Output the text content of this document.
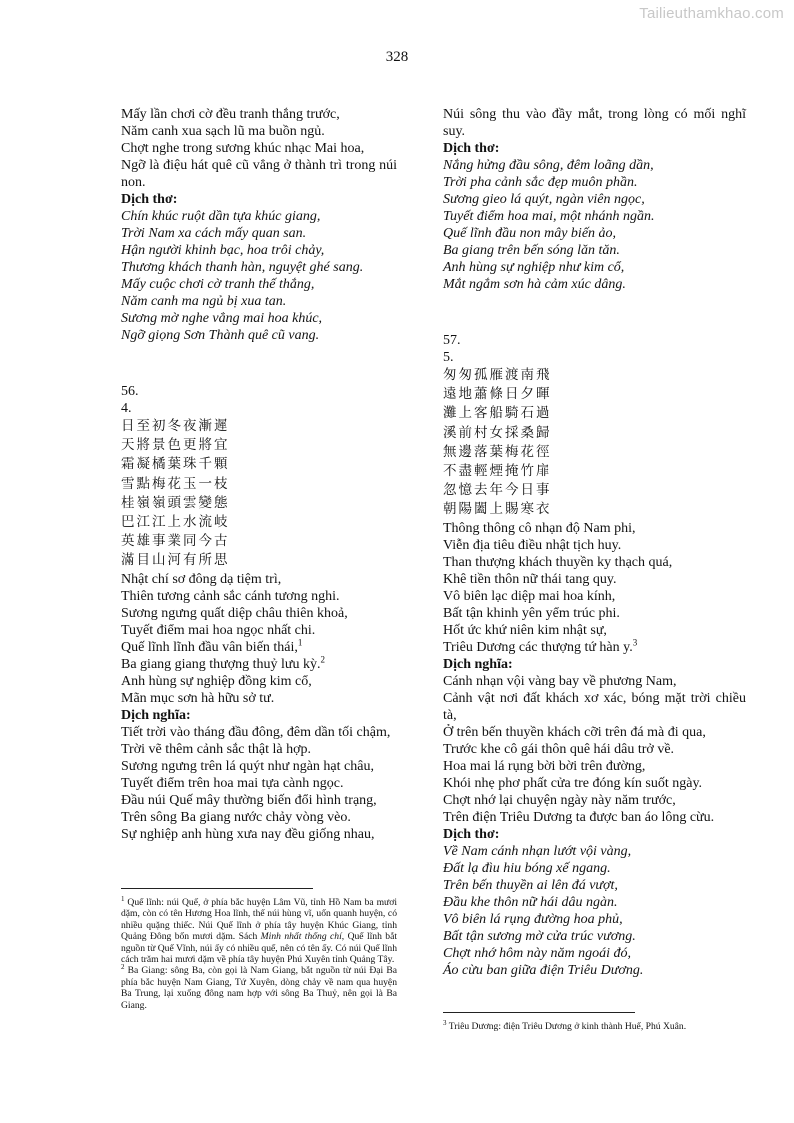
Tailieuthamkhao.com
328
Mấy lần chơi cờ đều tranh thắng trước,
Năm canh xua sạch lũ ma buồn ngủ.
Chợt nghe trong sương khúc nhạc Mai hoa,
Ngỡ là điệu hát quê cũ vẳng ở thành trì trong núi non.
Dịch thơ:
Chín khúc ruột dần tựa khúc giang,
Trời Nam xa cách mấy quan san.
Hận người khinh bạc, hoa trôi chảy,
Thương khách thanh hàn, nguyệt ghé sang.
Mấy cuộc chơi cờ tranh thế thắng,
Năm canh ma ngủ bị xua tan.
Sương mờ nghe vẳng mai hoa khúc,
Ngỡ giọng Sơn Thành quê cũ vang.
56.
4.
日至初冬夜漸遲
天將景色更將宜
霜凝橘葉珠千顆
雪點梅花玉一枝
桂嶺嶺頭雲變態
巴江江上水流岐
英雄事業同今古
滿目山河有所思
Nhật chí sơ đông dạ tiệm trì,
Thiên tương cảnh sắc cánh tương nghi.
Sương ngưng quất diệp châu thiên khoả,
Tuyết điểm mai hoa ngọc nhất chi.
Quế lĩnh lĩnh đầu vân biến thái,$^1$
Ba giang giang thượng thuỷ lưu kỳ.$^2$
Anh hùng sự nghiệp đồng kim cổ,
Mãn mục sơn hà hữu sở tư.
Dịch nghĩa:
Tiết trời vào tháng đầu đông, đêm dần tối chậm,
Trời vẽ thêm cảnh sắc thật là hợp.
Sương ngưng trên lá quýt như ngàn hạt châu,
Tuyết điểm trên hoa mai tựa cành ngọc.
Đầu núi Quế mây thường biến đổi hình trạng,
Trên sông Ba giang nước chảy vòng vèo.
Sự nghiệp anh hùng xưa nay đều giống nhau,

$^1$ Quế lĩnh: núi Quế, ở phía bắc huyện Lâm Vũ, tỉnh Hồ Nam ba mươi dặm, còn có tên Hương Hoa lĩnh, thế núi hùng vĩ, uốn quanh huyện, có nhiều quặng thiếc. Núi Quế lĩnh ở phía tây huyện Khúc Giang, tỉnh Quảng Đông bốn mươi dặm. Sách Minh nhất thống chí, Quế lĩnh bắt nguồn từ Quế Vĩnh, núi ấy có nhiều quế, nên có tên ấy. Có núi Quế lĩnh cách trăm hai mươi dặm về phía tây huyện Phú Xuyên tỉnh Quảng Tây.

$^2$ Ba Giang: sông Ba, còn gọi là Nam Giang, bắt nguồn từ núi Đại Ba phía bắc huyện Nam Giang, Tứ Xuyên, dòng chảy về nam qua huyện Ba Trung, lại xuống đông nam hợp với sông Ba Thuỷ, nên gọi là Ba Giang.

Núi sông thu vào đầy mắt, trong lòng có mối nghĩ suy.
Dịch thơ:
Nắng hửng đầu sông, đêm loãng dần,
Trời pha cảnh sắc đẹp muôn phần.
Sương gieo lá quýt, ngàn viên ngọc,
Tuyết điểm hoa mai, một nhánh ngần.
Quế lĩnh đầu non mây biến ảo,
Ba giang trên bến sóng lăn tăn.
Anh hùng sự nghiệp như kim cổ,
Mắt ngắm sơn hà cảm xúc dâng.
57.
5.
匆匆孤雁渡南飛
遠地蕭條日夕暉
灘上客船騎石過
溪前村女採桑歸
無邊落葉梅花徑
不盡輕煙掩竹扉
忽憶去年今日事
朝陽闔上賜寒衣
Thông thông cô nhạn độ Nam phi,
Viễn địa tiêu điều nhật tịch huy.
Than thượng khách thuyền ky thạch quá,
Khê tiền thôn nữ thái tang quy.
Vô biên lạc diệp mai hoa kính,
Bất tận khinh yên yểm trúc phi.
Hốt ức khứ niên kim nhật sự,
Triêu Dương các thượng tứ hàn y.$^3$
Dịch nghĩa:
Cánh nhạn vội vàng bay về phương Nam,
Cảnh vật nơi đất khách xơ xác, bóng mặt trời chiều tà,
Ở trên bến thuyền khách cỡi trên đá mà đi qua,
Trước khe cô gái thôn quê hái dâu trở về.
Hoa mai lá rụng bời bời trên đường,
Khói nhẹ phơ phất cửa tre đóng kín suốt ngày.
Chợt nhớ lại chuyện ngày này năm trước,
Trên điện Triêu Dương ta được ban áo lông cừu.
Dịch thơ:
Về Nam cánh nhạn lướt vội vàng,
Đất lạ đìu hiu bóng xế ngang.
Trên bến thuyền ai lên đá vượt,
Đầu khe thôn nữ hái dâu ngàn.
Vô biên lá rụng đường hoa phủ,
Bất tận sương mờ cửa trúc vương.
Chợt nhớ hôm này năm ngoái đó,
Áo cừu ban giữa điện Triêu Dương.

$^3$ Triêu Dương: điện Triêu Dương ở kinh thành Huế, Phú Xuân.
